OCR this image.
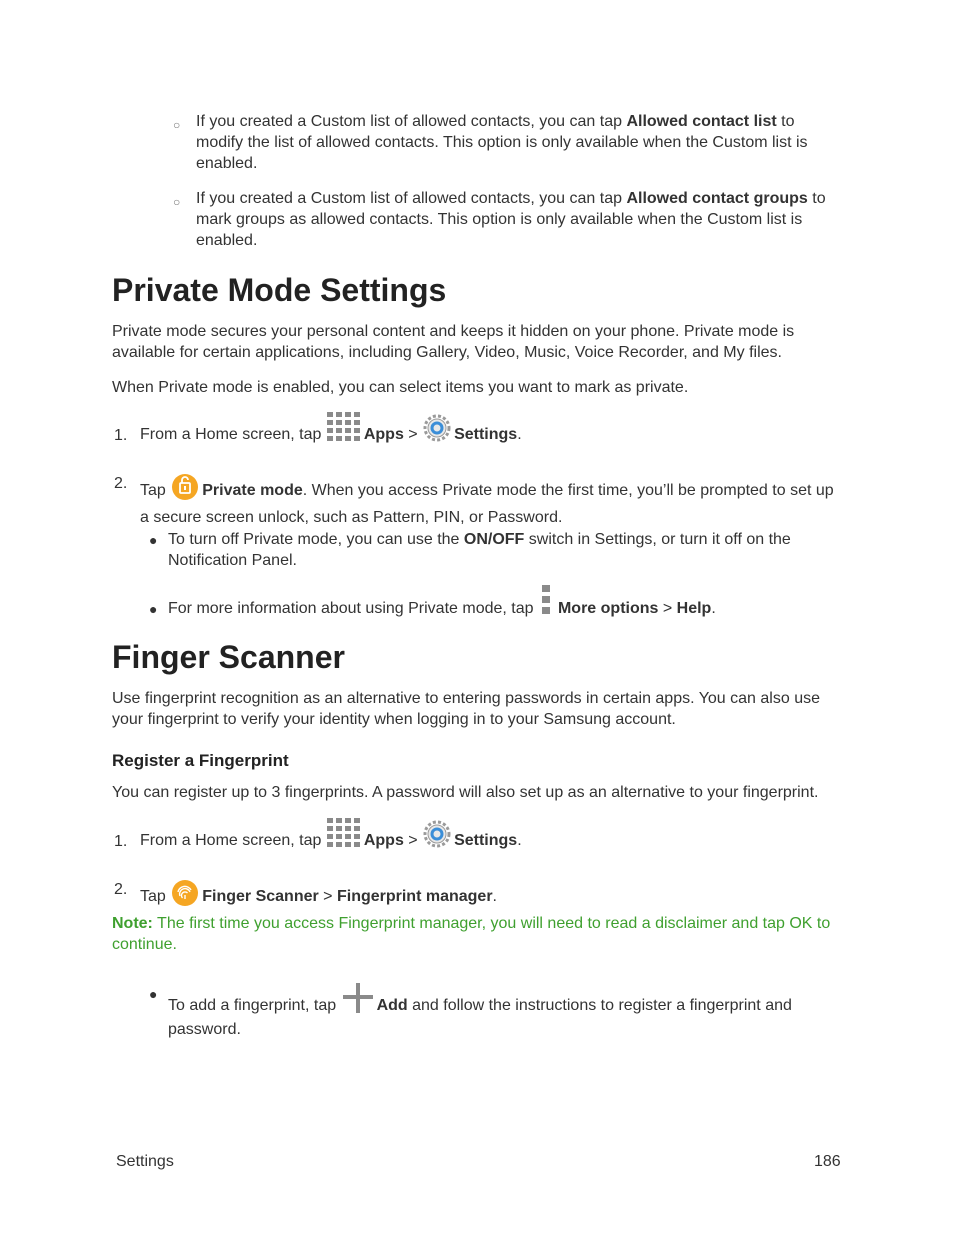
○ If you created a Custom list of allowed contacts, you can tap Allowed contact list to modify the list of allowed contacts. This option is only available when the Custom list is enabled.
○ If you created a Custom list of allowed contacts, you can tap Allowed contact groups to mark groups as allowed contacts. This option is only available when the Custom list is enabled.
Private Mode Settings
Private mode secures your personal content and keeps it hidden on your phone. Private mode is available for certain applications, including Gallery, Video, Music, Voice Recorder, and My files.
When Private mode is enabled, you can select items you want to mark as private.
1. From a Home screen, tap Apps > Settings.
2. Tap Private mode. When you access Private mode the first time, you’ll be prompted to set up a secure screen unlock, such as Pattern, PIN, or Password.
● To turn off Private mode, you can use the ON/OFF switch in Settings, or turn it off on the Notification Panel.
● For more information about using Private mode, tap More options > Help.
Finger Scanner
Use fingerprint recognition as an alternative to entering passwords in certain apps. You can also use your fingerprint to verify your identity when logging in to your Samsung account.
Register a Fingerprint
You can register up to 3 fingerprints. A password will also set up as an alternative to your fingerprint.
1. From a Home screen, tap Apps > Settings.
2. Tap Finger Scanner > Fingerprint manager.
Note: The first time you access Fingerprint manager, you will need to read a disclaimer and tap OK to continue.
●
To add a fingerprint, tap Add and follow the instructions to register a fingerprint and password.
Settings	186
